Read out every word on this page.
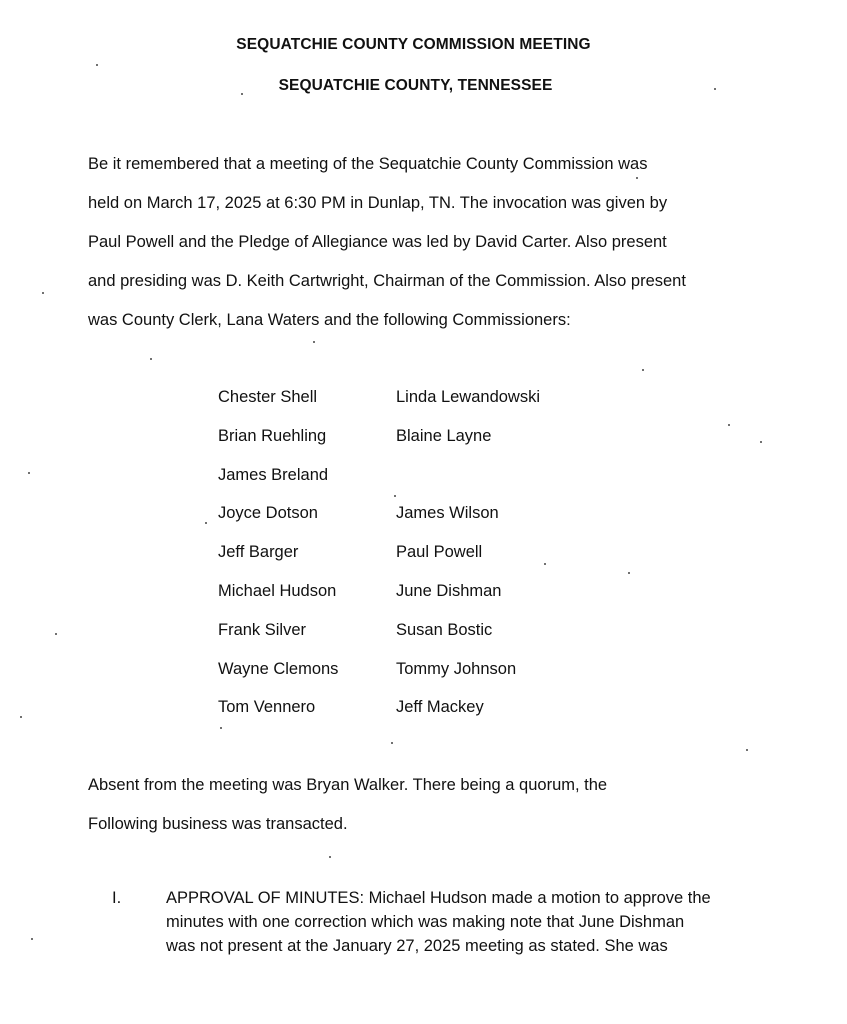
SEQUATCHIE COUNTY COMMISSION MEETING
SEQUATCHIE COUNTY, TENNESSEE
Be it remembered that a meeting of the Sequatchie County Commission was
held on March 17, 2025 at 6:30 PM in Dunlap, TN. The invocation was given by
Paul Powell and the Pledge of Allegiance was led by David Carter. Also present
and presiding was D. Keith Cartwright, Chairman of the Commission. Also present
was County Clerk, Lana Waters and the following Commissioners:
Chester Shell	Linda Lewandowski
Brian Ruehling	Blaine Layne
James Breland
Joyce Dotson	James Wilson
Jeff Barger	Paul Powell
Michael Hudson	June Dishman
Frank Silver	Susan Bostic
Wayne Clemons	Tommy Johnson
Tom Vennero	Jeff Mackey
Absent from the meeting was Bryan Walker. There being a quorum, the
Following business was transacted.
I.	APPROVAL OF MINUTES: Michael Hudson made a motion to approve the
minutes with one correction which was making note that June Dishman
was not present at the January 27, 2025 meeting as stated. She was
